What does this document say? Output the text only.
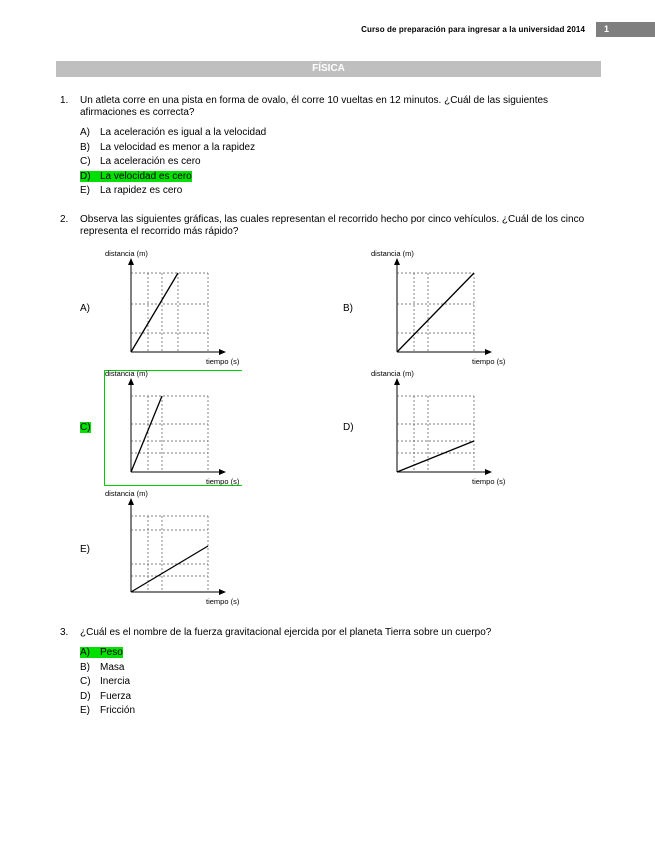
Curso de preparación para ingresar a la universidad 2014	1
FÍSICA
1. Un atleta corre en una pista en forma de ovalo, él corre 10 vueltas en 12 minutos. ¿Cuál de las siguientes afirmaciones es correcta?
A) La aceleración es igual a la velocidad
B) La velocidad es menor a la rapidez
C) La aceleración es cero
D) La velocidad es cero
E) La rapidez es cero
2. Observa las siguientes gráficas, las cuales representan el recorrido hecho por cinco vehículos. ¿Cuál de los cinco representa el recorrido más rápido?
A)	B)
C)	D)
E)
distancia (m)
tiempo (s)
distancia (m)
tiempo (s)
distancia (m)
tiempo (s)
distancia (m)
tiempo (s)
distancia (m)
tiempo (s)
3. ¿Cuál es el nombre de la fuerza gravitacional ejercida por el planeta Tierra sobre un cuerpo?
A) Peso
B) Masa
C) Inercia
D) Fuerza
E) Fricción
